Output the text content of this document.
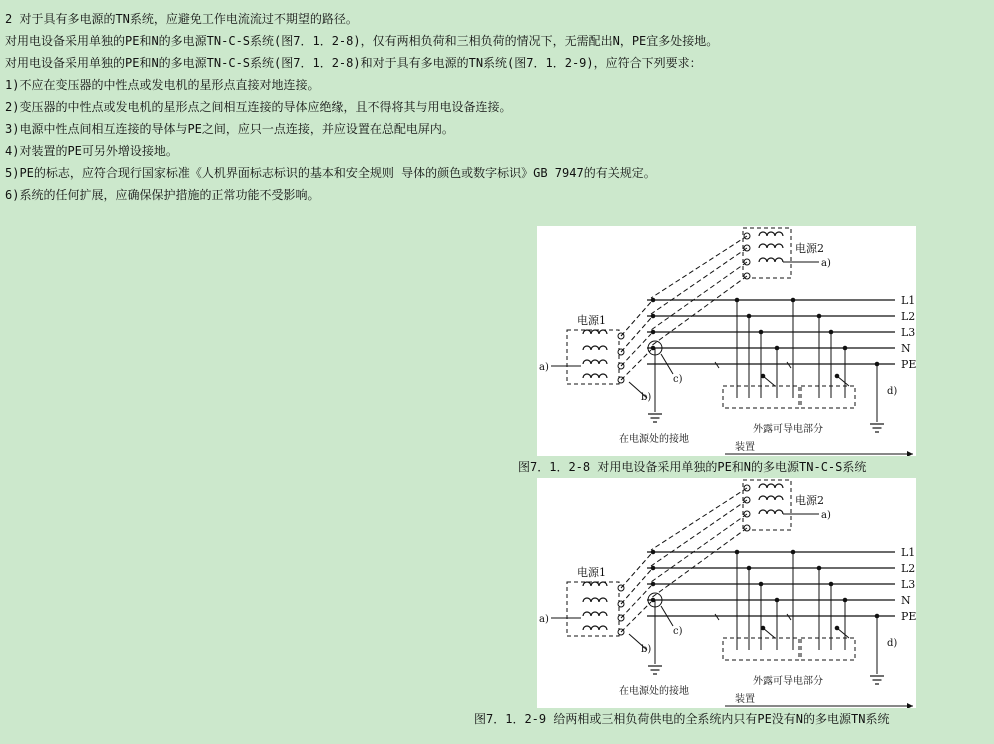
2 对于具有多电源的TN系统，应避免工作电流流过不期望的路径。
对用电设备采用单独的PE和N的多电源TN-C-S系统(图7．1．2-8)，仅有两相负荷和三相负荷的情况下，无需配出N，PE宜多处接地。
对用电设备采用单独的PE和N的多电源TN-C-S系统(图7．1．2-8)和对于具有多电源的TN系统(图7．1．2-9)，应符合下列要求：
1)不应在变压器的中性点或发电机的星形点直接对地连接。
2)变压器的中性点或发电机的星形点之间相互连接的导体应绝缘，且不得将其与用电设备连接。
3)电源中性点间相互连接的导体与PE之间，应只一点连接，并应设置在总配电屏内。
4)对装置的PE可另外增设接地。
5)PE的标志，应符合现行国家标准《人机界面标志标识的基本和安全规则 导体的颜色或数字标识》GB 7947的有关规定。
6)系统的任何扩展，应确保保护措施的正常功能不受影响。
电源2
a)
电源1
a)
L1
L2
L3
N
PE
c)
b)
d)
在电源处的接地
外露可导电部分
装置
图7．1．2-8 对用电设备采用单独的PE和N的多电源TN-C-S系统
电源2
a)
电源1
a)
L1
L2
L3
N
PE
c)
b)
d)
在电源处的接地
外露可导电部分
装置
图7．1．2-9 给两相或三相负荷供电的全系统内只有PE没有N的多电源TN系统
